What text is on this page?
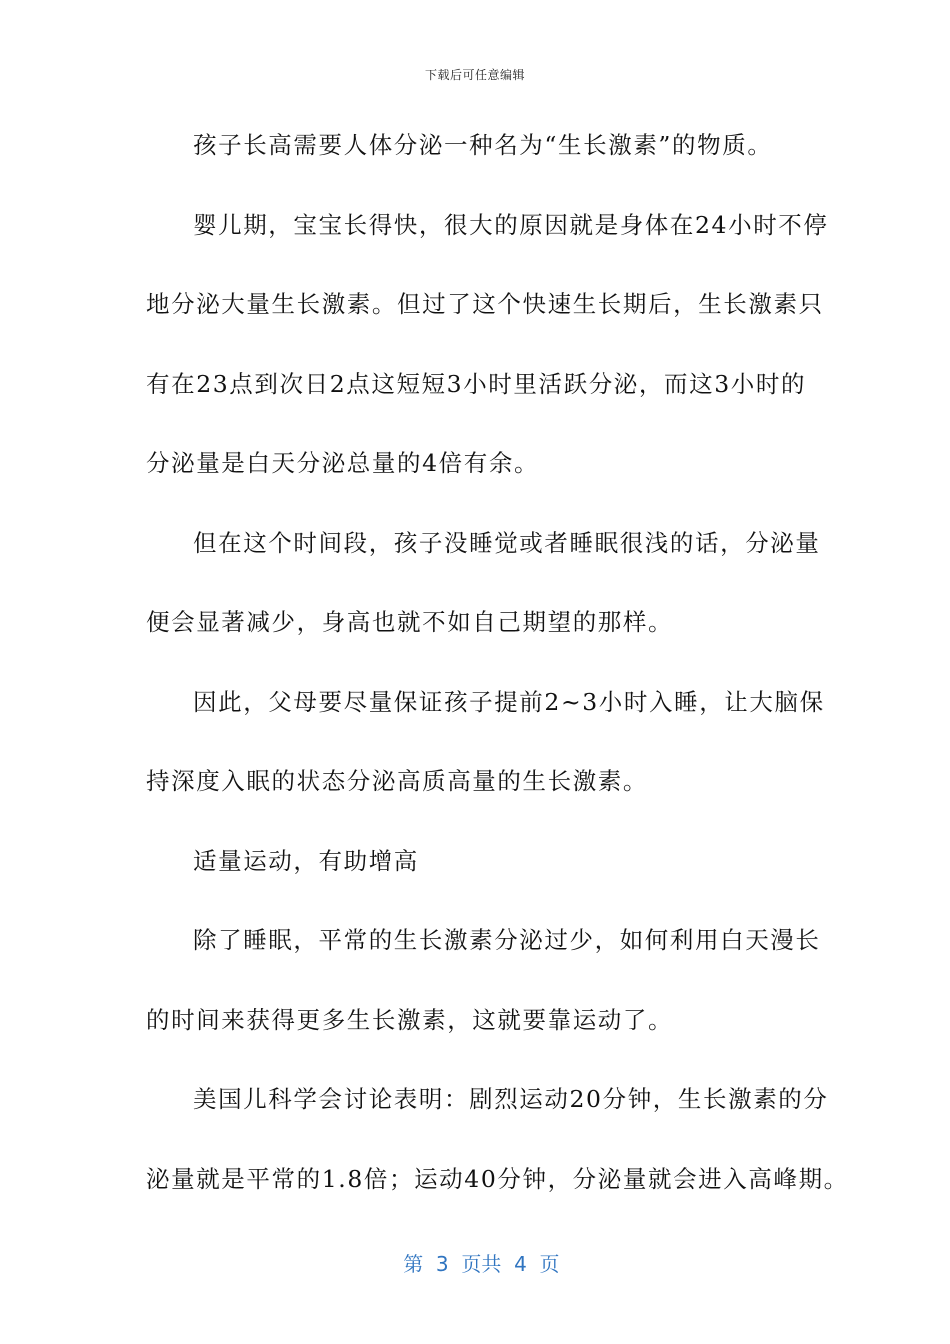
下载后可任意编辑
孩子长高需要人体分泌一种名为“生长激素”的物质。
婴儿期，宝宝长得快，很大的原因就是身体在24小时不停
地分泌大量生长激素。但过了这个快速生长期后，生长激素只
有在23点到次日2点这短短3小时里活跃分泌，而这3小时的
分泌量是白天分泌总量的4倍有余。
但在这个时间段，孩子没睡觉或者睡眠很浅的话，分泌量
便会显著减少，身高也就不如自己期望的那样。
因此，父母要尽量保证孩子提前2~3小时入睡，让大脑保
持深度入眠的状态分泌高质高量的生长激素。
适量运动，有助增高
除了睡眠，平常的生长激素分泌过少，如何利用白天漫长
的时间来获得更多生长激素，这就要靠运动了。
美国儿科学会讨论表明：剧烈运动20分钟，生长激素的分
泌量就是平常的1.8倍；运动40分钟，分泌量就会进入高峰期。

第  3  页共  4  页
